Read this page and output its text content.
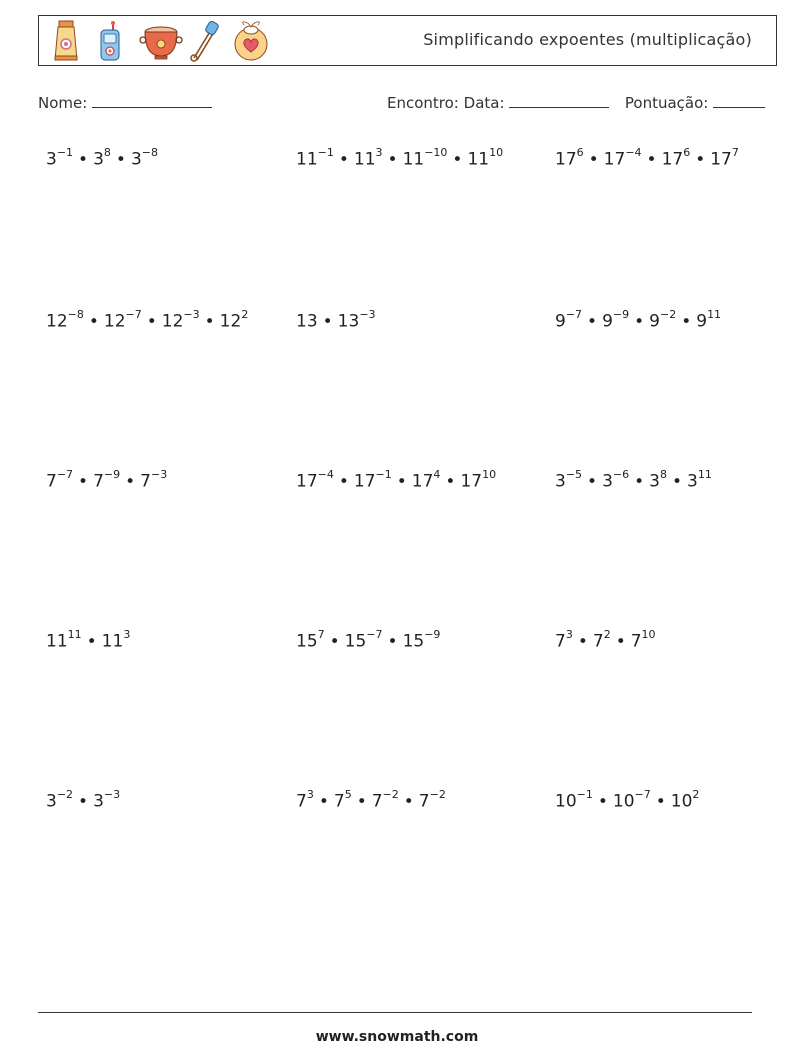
Simplificando expoentes (multiplicação)
Nome:	Encontro: Data:	Pontuação:
$3^{-1}$ • $3^8$ • $3^{-8}$	$11^{-1}$ • $11^3$ • $11^{-10}$ • $11^{10}$	$17^6$ • $17^{-4}$ • $17^6$ • $17^7$
$12^{-8}$ • $12^{-7}$ • $12^{-3}$ • $12^2$	13 • $13^{-3}$	$9^{-7}$ • $9^{-9}$ • $9^{-2}$ • $9^{11}$
$7^{-7}$ • $7^{-9}$ • $7^{-3}$	$17^{-4}$ • $17^{-1}$ • $17^4$ • $17^{10}$	$3^{-5}$ • $3^{-6}$ • $3^8$ • $3^{11}$
$11^{11}$ • $11^3$	$15^7$ • $15^{-7}$ • $15^{-9}$	$7^3$ • $7^2$ • $7^{10}$
$3^{-2}$ • $3^{-3}$	$7^3$ • $7^5$ • $7^{-2}$ • $7^{-2}$	$10^{-1}$ • $10^{-7}$ • $10^2$
www.snowmath.com
